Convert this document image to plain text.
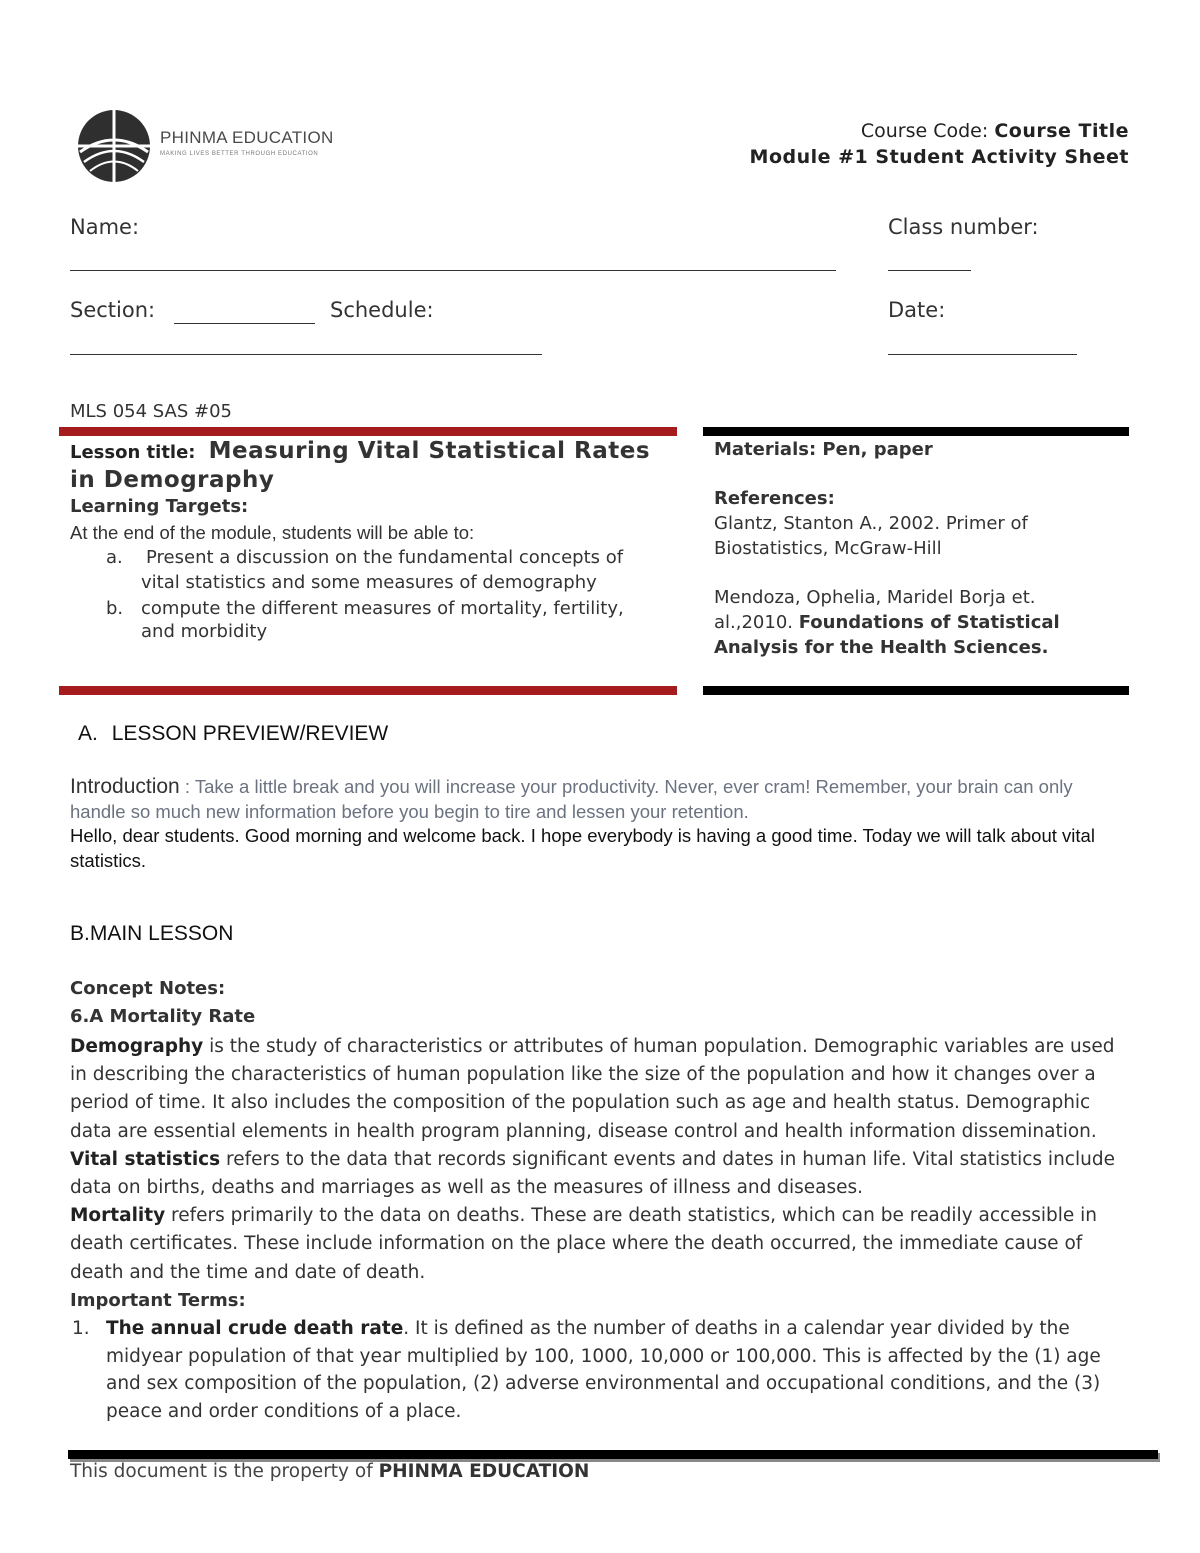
PHINMA EDUCATION
MAKING LIVES BETTER THROUGH EDUCATION
Course Code: Course Title
Module #1 Student Activity Sheet
Name:	Class number:
Section:	Schedule:	Date:
MLS 054 SAS #05
Lesson title: Measuring Vital Statistical Rates
in Demography
Learning Targets:
At the end of the module, students will be able to:
a. Present a discussion on the fundamental concepts of
vital statistics and some measures of demography
b. compute the different measures of mortality, fertility,
and morbidity
Materials: Pen, paper
References:
Glantz, Stanton A., 2002. Primer of
Biostatistics, McGraw-Hill
Mendoza, Ophelia, Maridel Borja et.
al.,2010. Foundations of Statistical
Analysis for the Health Sciences.
A. LESSON PREVIEW/REVIEW
Introduction : Take a little break and you will increase your productivity. Never, ever cram! Remember, your brain can only handle so much new information before you begin to tire and lessen your retention.
Hello, dear students. Good morning and welcome back. I hope everybody is having a good time. Today we will talk about vital statistics.
B.MAIN LESSON
Concept Notes:
6.A Mortality Rate
Demography is the study of characteristics or attributes of human population. Demographic variables are used in describing the characteristics of human population like the size of the population and how it changes over a period of time. It also includes the composition of the population such as age and health status. Demographic data are essential elements in health program planning, disease control and health information dissemination.
Vital statistics refers to the data that records significant events and dates in human life. Vital statistics include data on births, deaths and marriages as well as the measures of illness and diseases.
Mortality refers primarily to the data on deaths. These are death statistics, which can be readily accessible in death certificates. These include information on the place where the death occurred, the immediate cause of death and the time and date of death.
Important Terms:
1. The annual crude death rate. It is defined as the number of deaths in a calendar year divided by the midyear population of that year multiplied by 100, 1000, 10,000 or 100,000. This is affected by the (1) age and sex composition of the population, (2) adverse environmental and occupational conditions, and the (3) peace and order conditions of a place.
This document is the property of PHINMA EDUCATION
